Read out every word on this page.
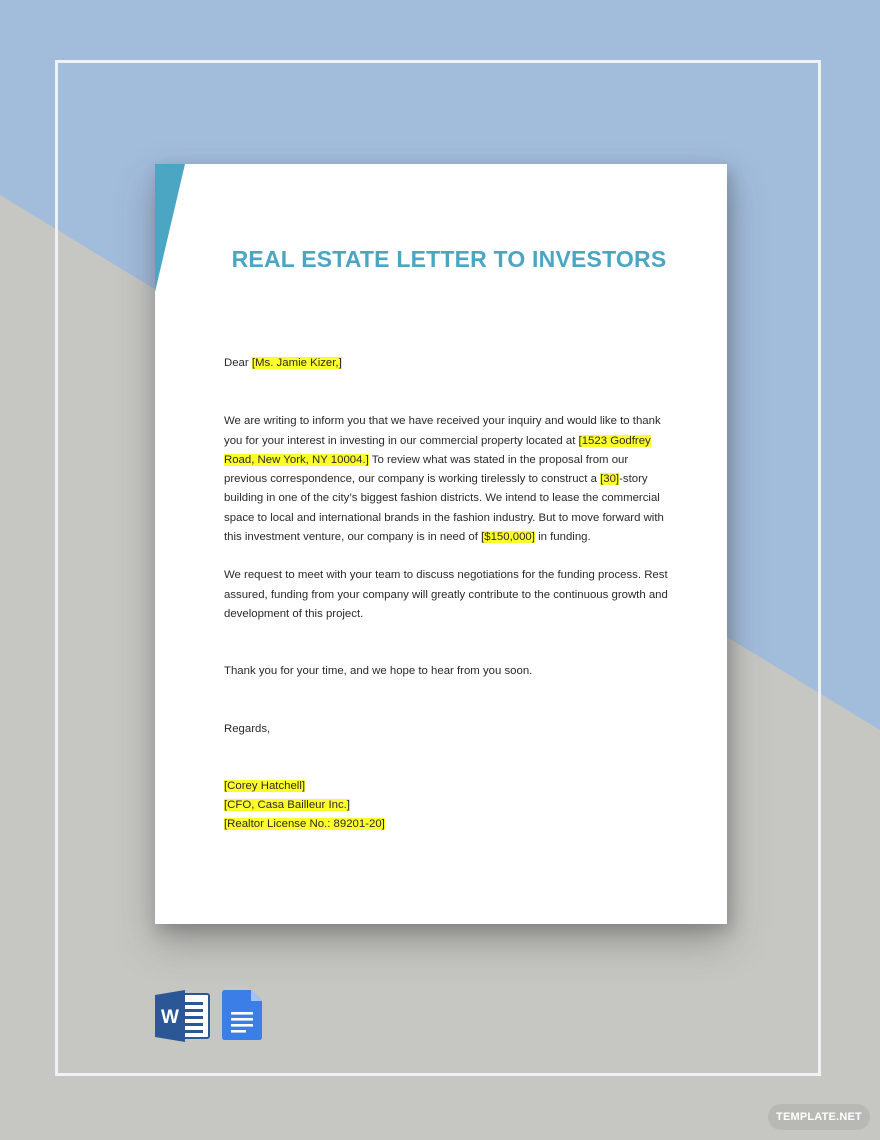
REAL ESTATE LETTER TO INVESTORS

Dear [Ms. Jamie Kizer,]

We are writing to inform you that we have received your inquiry and would like to thank you for your interest in investing in our commercial property located at [1523 Godfrey Road, New York, NY 10004.] To review what was stated in the proposal from our previous correspondence, our company is working tirelessly to construct a [30]-story building in one of the city’s biggest fashion districts. We intend to lease the commercial space to local and international brands in the fashion industry. But to move forward with this investment venture, our company is in need of [$150,000] in funding.

We request to meet with your team to discuss negotiations for the funding process. Rest assured, funding from your company will greatly contribute to the continuous growth and development of this project.

Thank you for your time, and we hope to hear from you soon.

Regards,

[Corey Hatchell]
[CFO, Casa Bailleur Inc.]
[Realtor License No.: 89201-20]
W
TEMPLATE.NET
